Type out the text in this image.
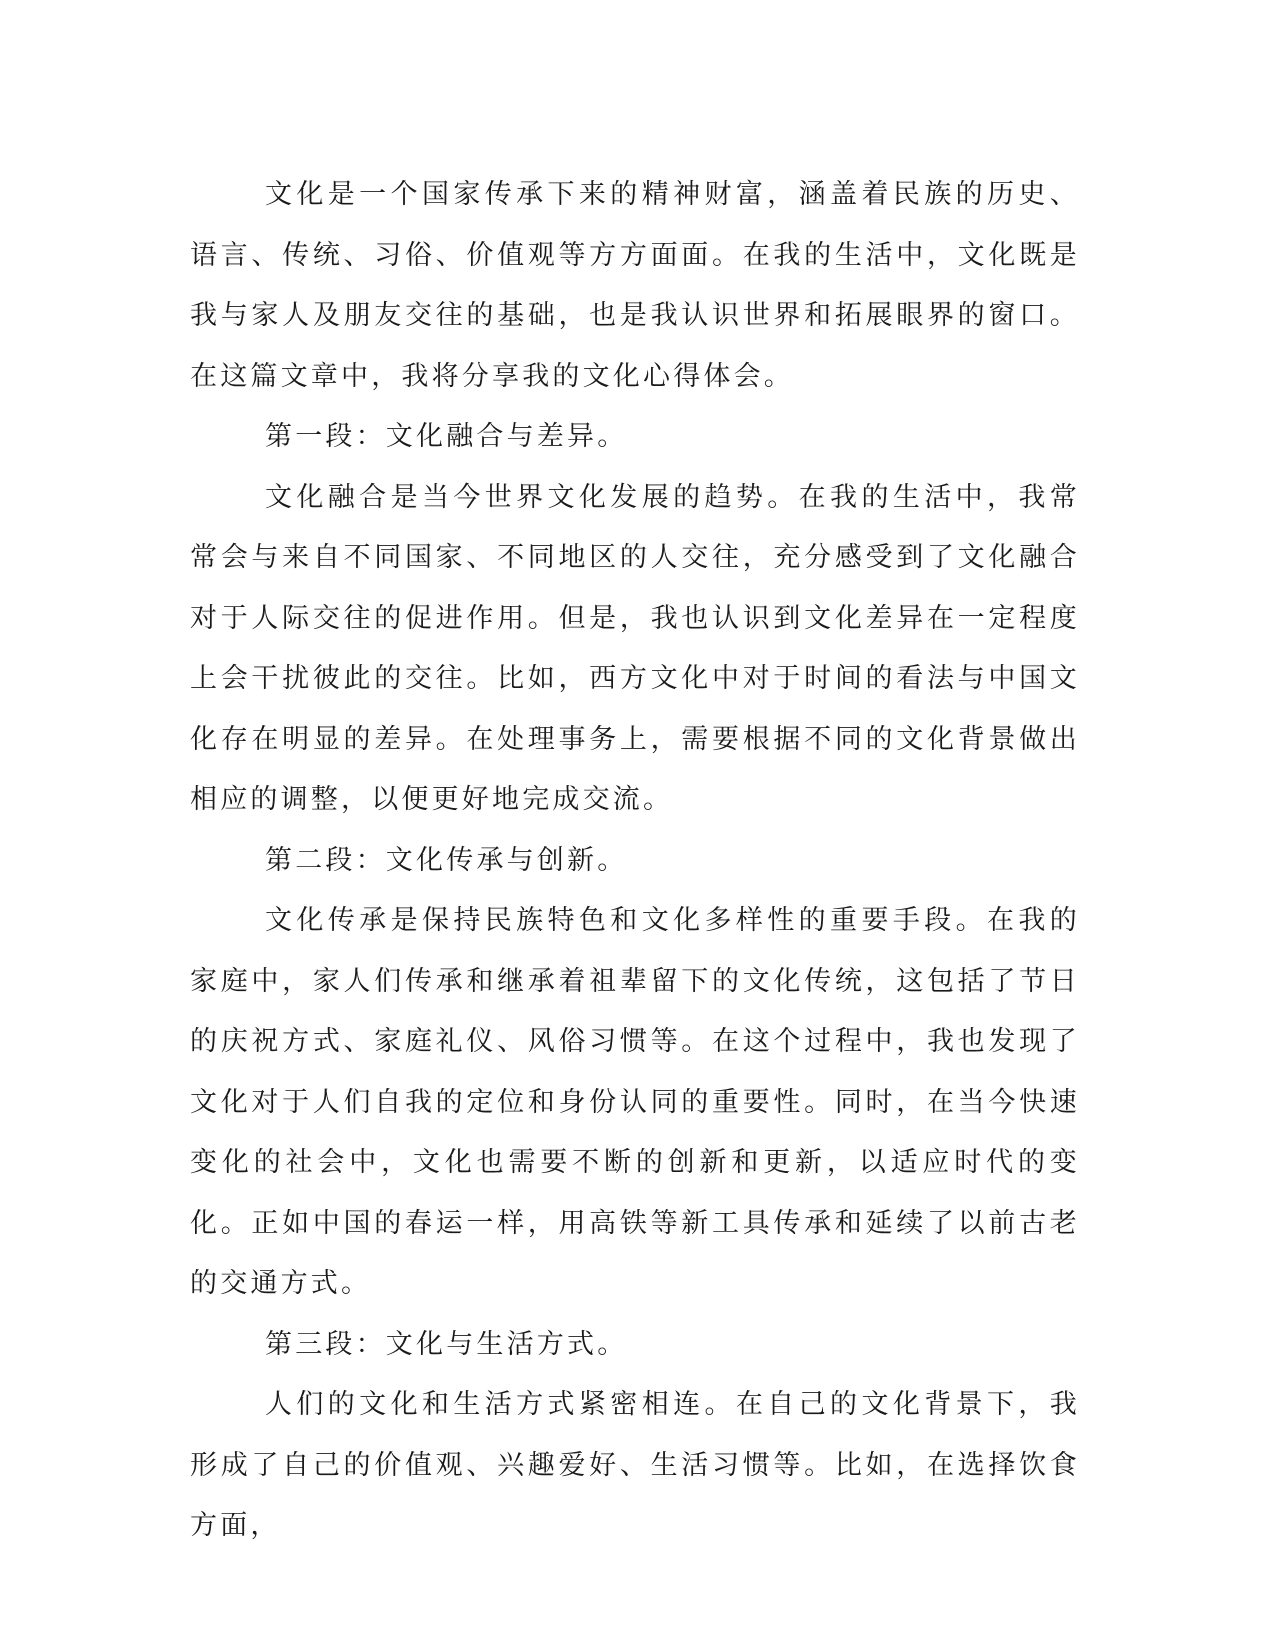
文化是一个国家传承下来的精神财富，涵盖着民族的历史、语言、传统、习俗、价值观等方方面面。在我的生活中，文化既是我与家人及朋友交往的基础，也是我认识世界和拓展眼界的窗口。在这篇文章中，我将分享我的文化心得体会。

第一段：文化融合与差异。

文化融合是当今世界文化发展的趋势。在我的生活中，我常常会与来自不同国家、不同地区的人交往，充分感受到了文化融合对于人际交往的促进作用。但是，我也认识到文化差异在一定程度上会干扰彼此的交往。比如，西方文化中对于时间的看法与中国文化存在明显的差异。在处理事务上，需要根据不同的文化背景做出相应的调整，以便更好地完成交流。

第二段：文化传承与创新。

文化传承是保持民族特色和文化多样性的重要手段。在我的家庭中，家人们传承和继承着祖辈留下的文化传统，这包括了节日的庆祝方式、家庭礼仪、风俗习惯等。在这个过程中，我也发现了文化对于人们自我的定位和身份认同的重要性。同时，在当今快速变化的社会中，文化也需要不断的创新和更新，以适应时代的变化。正如中国的春运一样，用高铁等新工具传承和延续了以前古老的交通方式。

第三段：文化与生活方式。

人们的文化和生活方式紧密相连。在自己的文化背景下，我形成了自己的价值观、兴趣爱好、生活习惯等。比如，在选择饮食方面，
